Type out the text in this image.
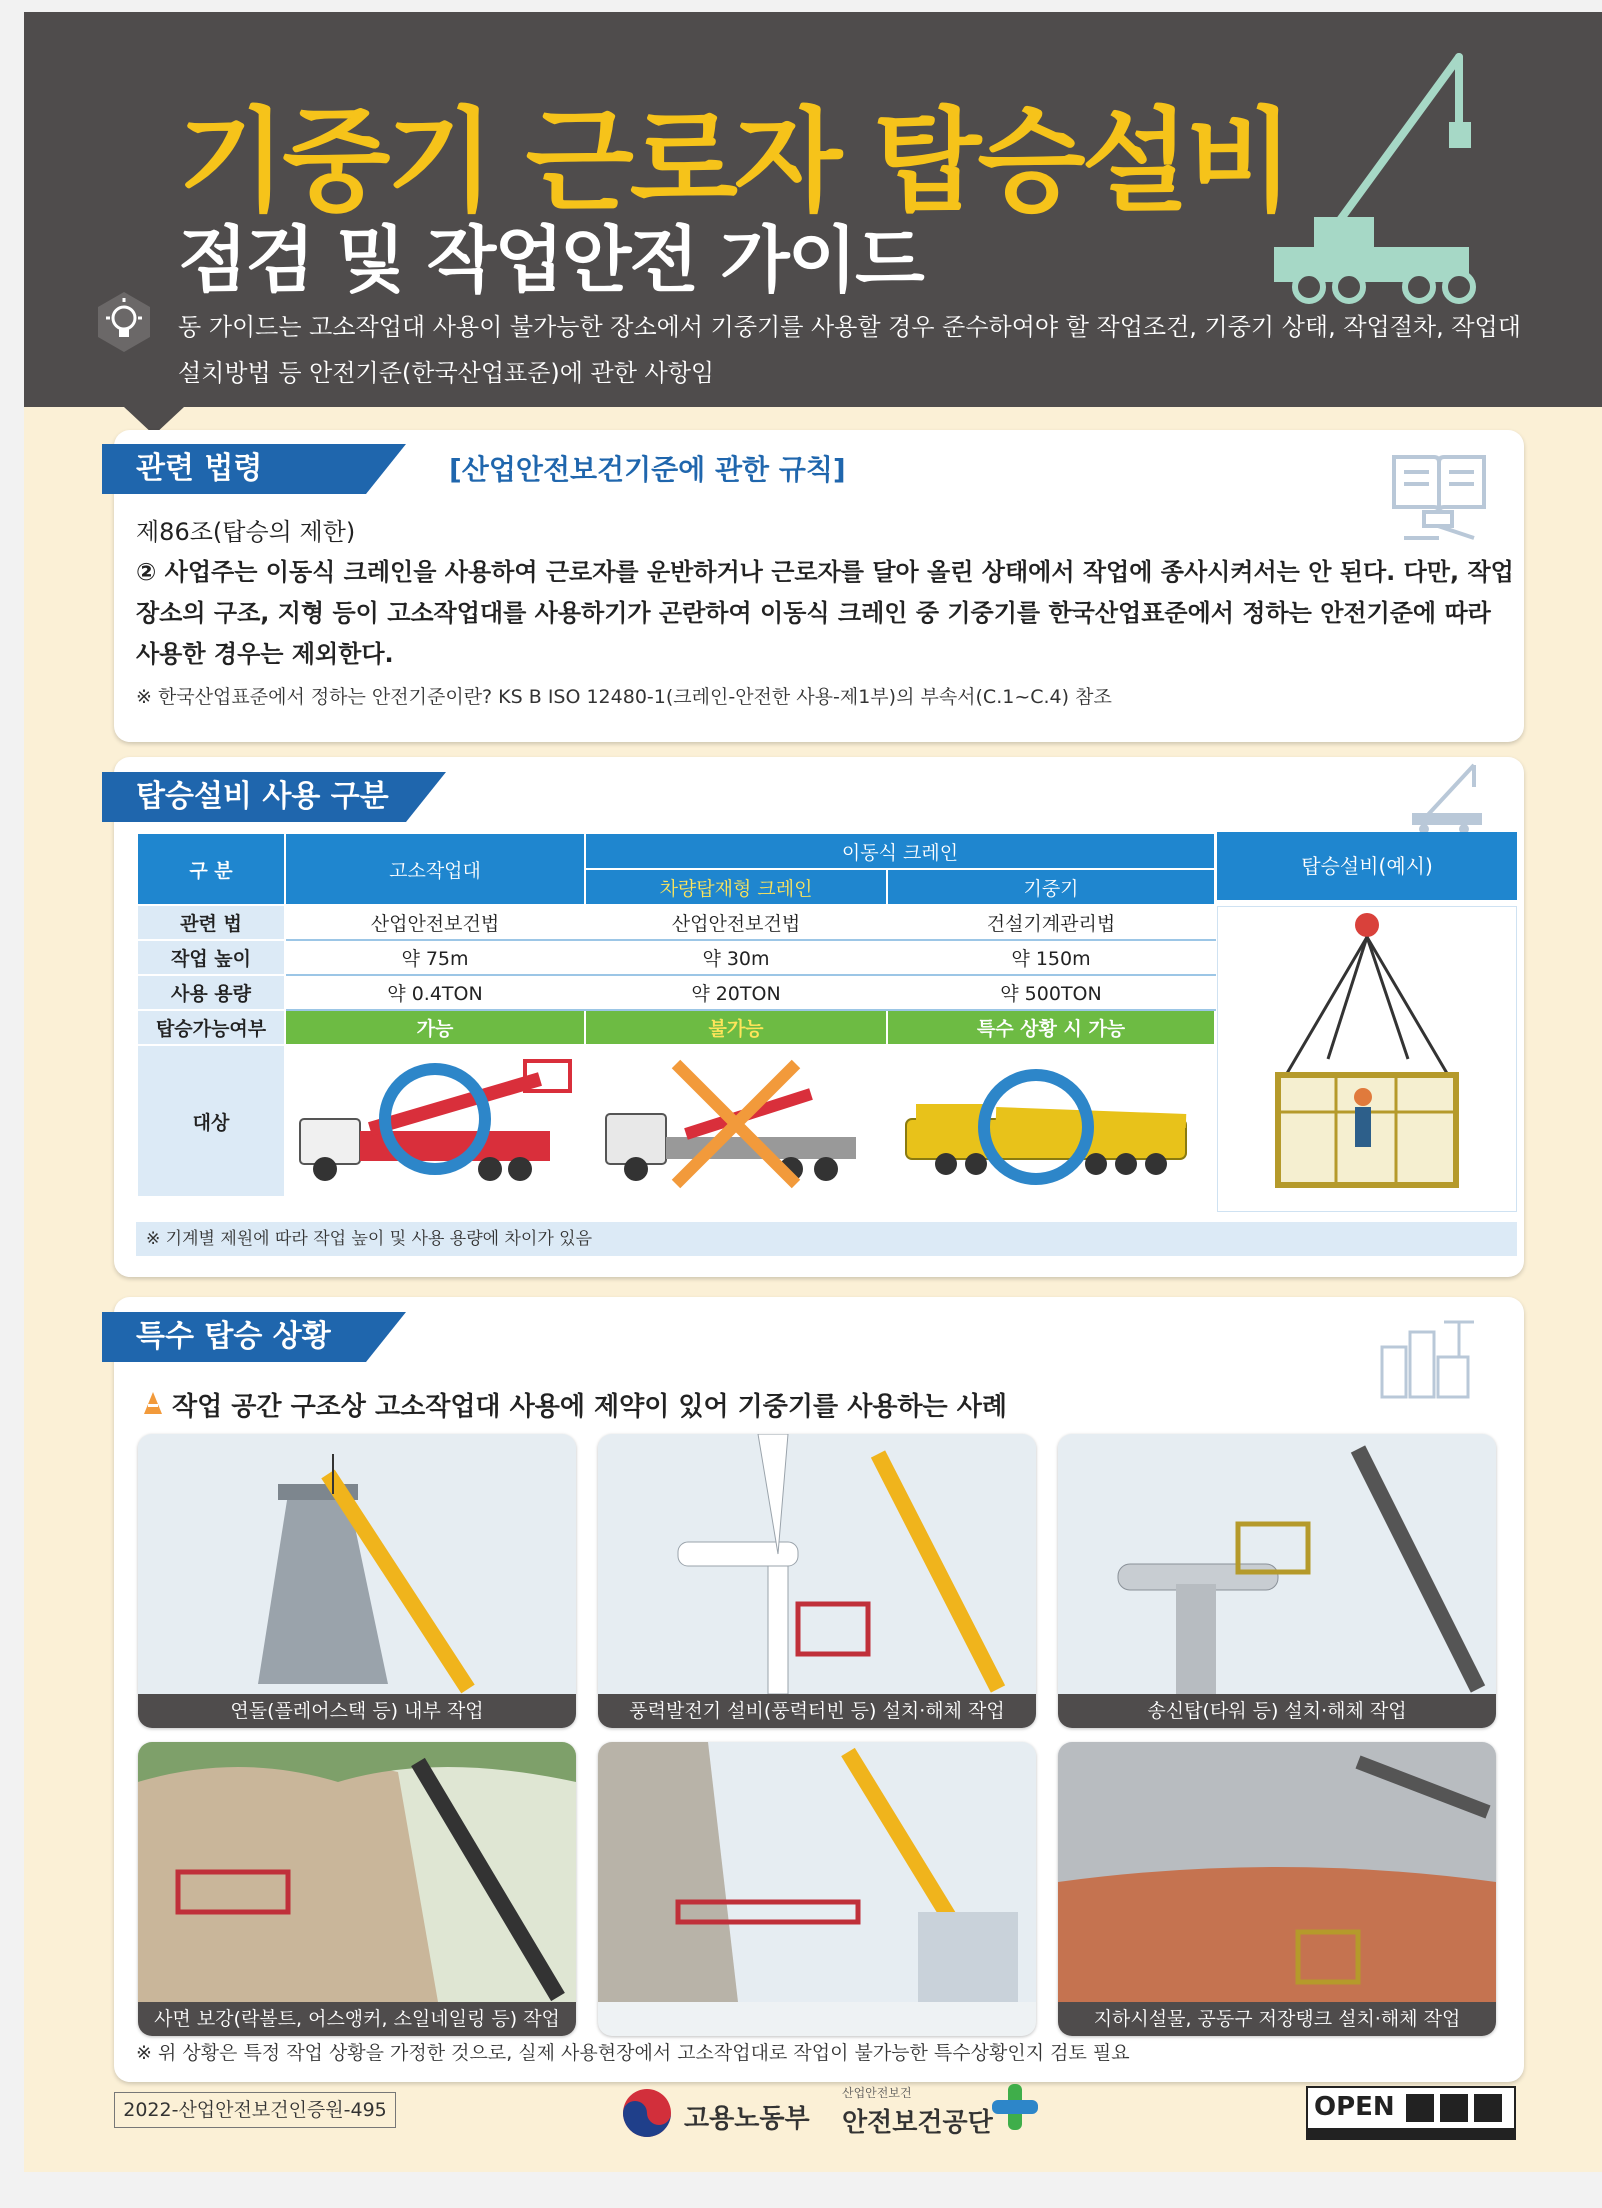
기중기 근로자 탑승설비
점검 및 작업안전 가이드
동 가이드는 고소작업대 사용이 불가능한 장소에서 기중기를 사용할 경우 준수하여야 할 작업조건, 기중기 상태, 작업절차, 작업대 설치방법 등 안전기준(한국산업표준)에 관한 사항임
관련 법령	[산업안전보건기준에 관한 규칙]
제86조(탑승의 제한)
② 사업주는 이동식 크레인을 사용하여 근로자를 운반하거나 근로자를 달아 올린 상태에서 작업에 종사시켜서는 안 된다. 다만, 작업장소의 구조, 지형 등이 고소작업대를 사용하기가 곤란하여 이동식 크레인 중 기중기를 한국산업표준에서 정하는 안전기준에 따라 사용한 경우는 제외한다.
※ 한국산업표준에서 정하는 안전기준이란? KS B ISO 12480-1(크레인-안전한 사용-제1부)의 부속서(C.1~C.4) 참조
탑승설비 사용 구분
구 분	고소작업대	이동식 크레인	
		차량탑재형 크레인	기중기
관련 법	산업안전보건법	산업안전보건법	건설기계관리법
작업 높이	약 75m	약 30m	약 150m
사용 용량	약 0.4TON	약 20TON	약 500TON
탑승가능여부	가능	불가능	특수 상황 시 가능
대상			
탑승설비(예시)
※ 기계별 제원에 따라 작업 높이 및 사용 용량에 차이가 있음
특수 탑승 상황
작업 공간 구조상 고소작업대 사용에 제약이 있어 기중기를 사용하는 사례
연돌(플레어스택 등) 내부 작업	풍력발전기 설비(풍력터빈 등) 설치·해체 작업	송신탑(타워 등) 설치·해체 작업
사면 보강(락볼트, 어스앵커, 소일네일링 등) 작업	지하시설물, 공동구 저장탱크 설치·해체 작업
※ 위 상황은 특정 작업 상황을 가정한 것으로, 실제 사용현장에서 고소작업대로 작업이 불가능한 특수상황인지 검토 필요
2022-산업안전보건인증원-495	고용노동부
산업안전보건
안전보건공단
OPEN
